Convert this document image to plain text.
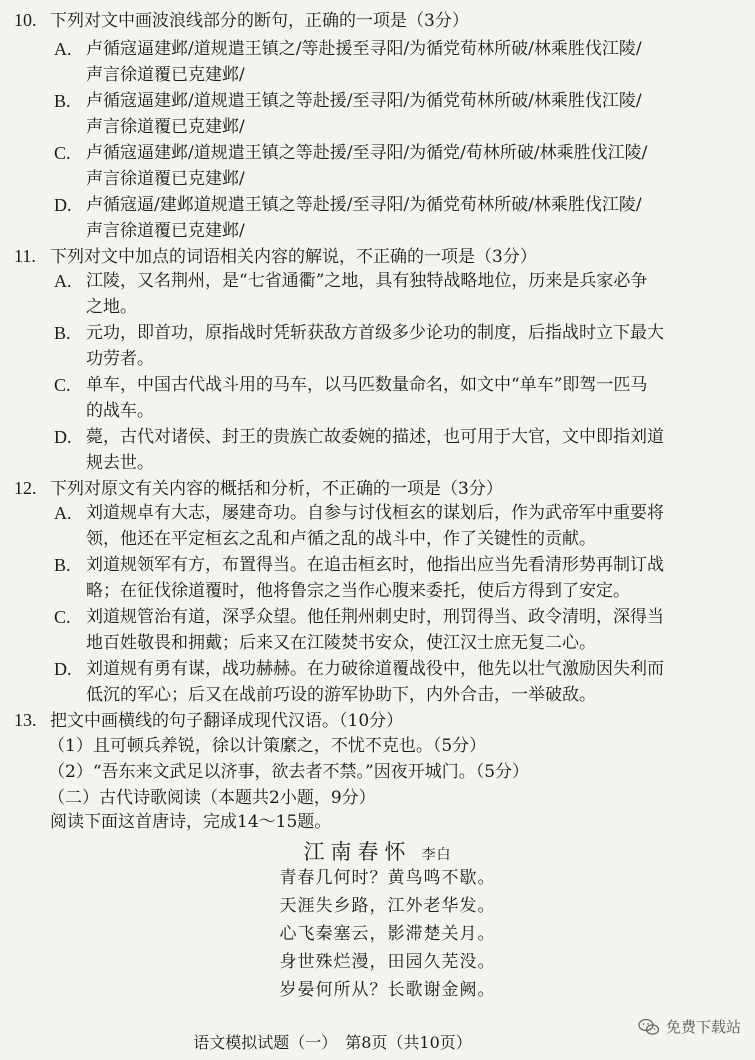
10. 下列对文中画波浪线部分的断句，正确的一项是（3分）
A. 卢循寇逼建邺/道规遣王镇之/等赴援至寻阳/为循党荀林所破/林乘胜伐江陵/
声言徐道覆已克建邺/
B. 卢循寇逼建邺/道规遣王镇之等赴援/至寻阳/为循党荀林所破/林乘胜伐江陵/
声言徐道覆已克建邺/
C. 卢循寇逼建邺/道规遣王镇之等赴援/至寻阳/为循党/荀林所破/林乘胜伐江陵/
声言徐道覆已克建邺/
D. 卢循寇逼/建邺道规遣王镇之等赴援/至寻阳/为循党荀林所破/林乘胜伐江陵/
声言徐道覆已克建邺/
11. 下列对文中加点的词语相关内容的解说，不正确的一项是（3分）
A. 江陵，又名荆州，是“七省通衢”之地，具有独特战略地位，历来是兵家必争
之地。
B. 元功，即首功，原指战时凭斩获敌方首级多少论功的制度，后指战时立下最大
功劳者。
C. 单车，中国古代战斗用的马车，以马匹数量命名，如文中“单车”即驾一匹马
的战车。
D. 薨，古代对诸侯、封王的贵族亡故委婉的描述，也可用于大官，文中即指刘道
规去世。
12. 下列对原文有关内容的概括和分析，不正确的一项是（3分）
A. 刘道规卓有大志，屡建奇功。自参与讨伐桓玄的谋划后，作为武帝军中重要将
领，他还在平定桓玄之乱和卢循之乱的战斗中，作了关键性的贡献。
B. 刘道规领军有方，布置得当。在追击桓玄时，他指出应当先看清形势再制订战
略；在征伐徐道覆时，他将鲁宗之当作心腹来委托，使后方得到了安定。
C. 刘道规管治有道，深孚众望。他任荆州刺史时，刑罚得当、政令清明，深得当
地百姓敬畏和拥戴；后来又在江陵焚书安众，使江汉士庶无复二心。
D. 刘道规有勇有谋，战功赫赫。在力破徐道覆战役中，他先以壮气激励因失利而
低沉的军心；后又在战前巧设的游军协助下，内外合击，一举破敌。
13. 把文中画横线的句子翻译成现代汉语。（10分）
（1）且可顿兵养锐，徐以计策縻之，不忧不克也。（5分）
（2）“吾东来文武足以济事，欲去者不禁。”因夜开城门。（5分）
（二）古代诗歌阅读（本题共2小题，9分）
阅读下面这首唐诗，完成14～15题。
江南春怀 李白
青春几何时？黄鸟鸣不歇。
天涯失乡路，江外老华发。
心飞秦塞云，影滞楚关月。
身世殊烂漫，田园久芜没。
岁晏何所从？长歌谢金阙。
语文模拟试题（一）　第8页（共10页）
免费下载站
